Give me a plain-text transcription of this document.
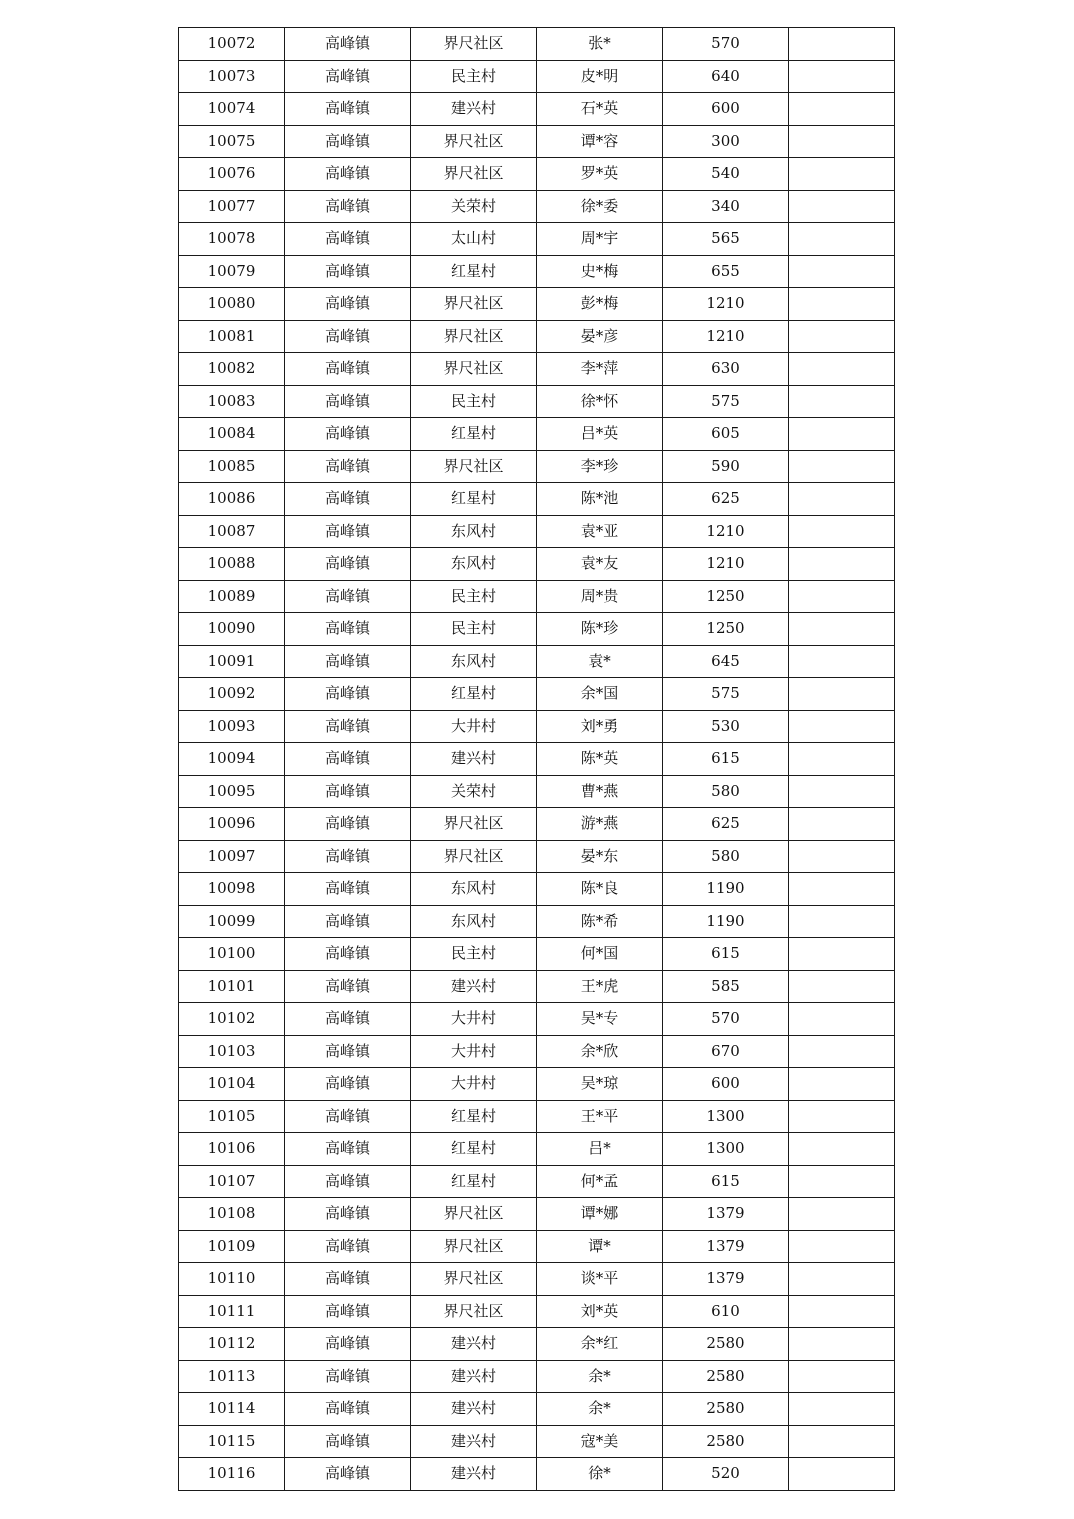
10072	高峰镇	界尺社区	张*	570	
10073	高峰镇	民主村	皮*明	640	
10074	高峰镇	建兴村	石*英	600	
10075	高峰镇	界尺社区	谭*容	300	
10076	高峰镇	界尺社区	罗*英	540	
10077	高峰镇	关荣村	徐*委	340	
10078	高峰镇	太山村	周*宇	565	
10079	高峰镇	红星村	史*梅	655	
10080	高峰镇	界尺社区	彭*梅	1210	
10081	高峰镇	界尺社区	晏*彦	1210	
10082	高峰镇	界尺社区	李*萍	630	
10083	高峰镇	民主村	徐*怀	575	
10084	高峰镇	红星村	吕*英	605	
10085	高峰镇	界尺社区	李*珍	590	
10086	高峰镇	红星村	陈*池	625	
10087	高峰镇	东风村	袁*亚	1210	
10088	高峰镇	东风村	袁*友	1210	
10089	高峰镇	民主村	周*贵	1250	
10090	高峰镇	民主村	陈*珍	1250	
10091	高峰镇	东风村	袁*	645	
10092	高峰镇	红星村	余*国	575	
10093	高峰镇	大井村	刘*勇	530	
10094	高峰镇	建兴村	陈*英	615	
10095	高峰镇	关荣村	曹*燕	580	
10096	高峰镇	界尺社区	游*燕	625	
10097	高峰镇	界尺社区	晏*东	580	
10098	高峰镇	东风村	陈*良	1190	
10099	高峰镇	东风村	陈*希	1190	
10100	高峰镇	民主村	何*国	615	
10101	高峰镇	建兴村	王*虎	585	
10102	高峰镇	大井村	吴*专	570	
10103	高峰镇	大井村	余*欣	670	
10104	高峰镇	大井村	吴*琼	600	
10105	高峰镇	红星村	王*平	1300	
10106	高峰镇	红星村	吕*	1300	
10107	高峰镇	红星村	何*孟	615	
10108	高峰镇	界尺社区	谭*娜	1379	
10109	高峰镇	界尺社区	谭*	1379	
10110	高峰镇	界尺社区	谈*平	1379	
10111	高峰镇	界尺社区	刘*英	610	
10112	高峰镇	建兴村	余*红	2580	
10113	高峰镇	建兴村	余*	2580	
10114	高峰镇	建兴村	余*	2580	
10115	高峰镇	建兴村	寇*美	2580	
10116	高峰镇	建兴村	徐*	520	
